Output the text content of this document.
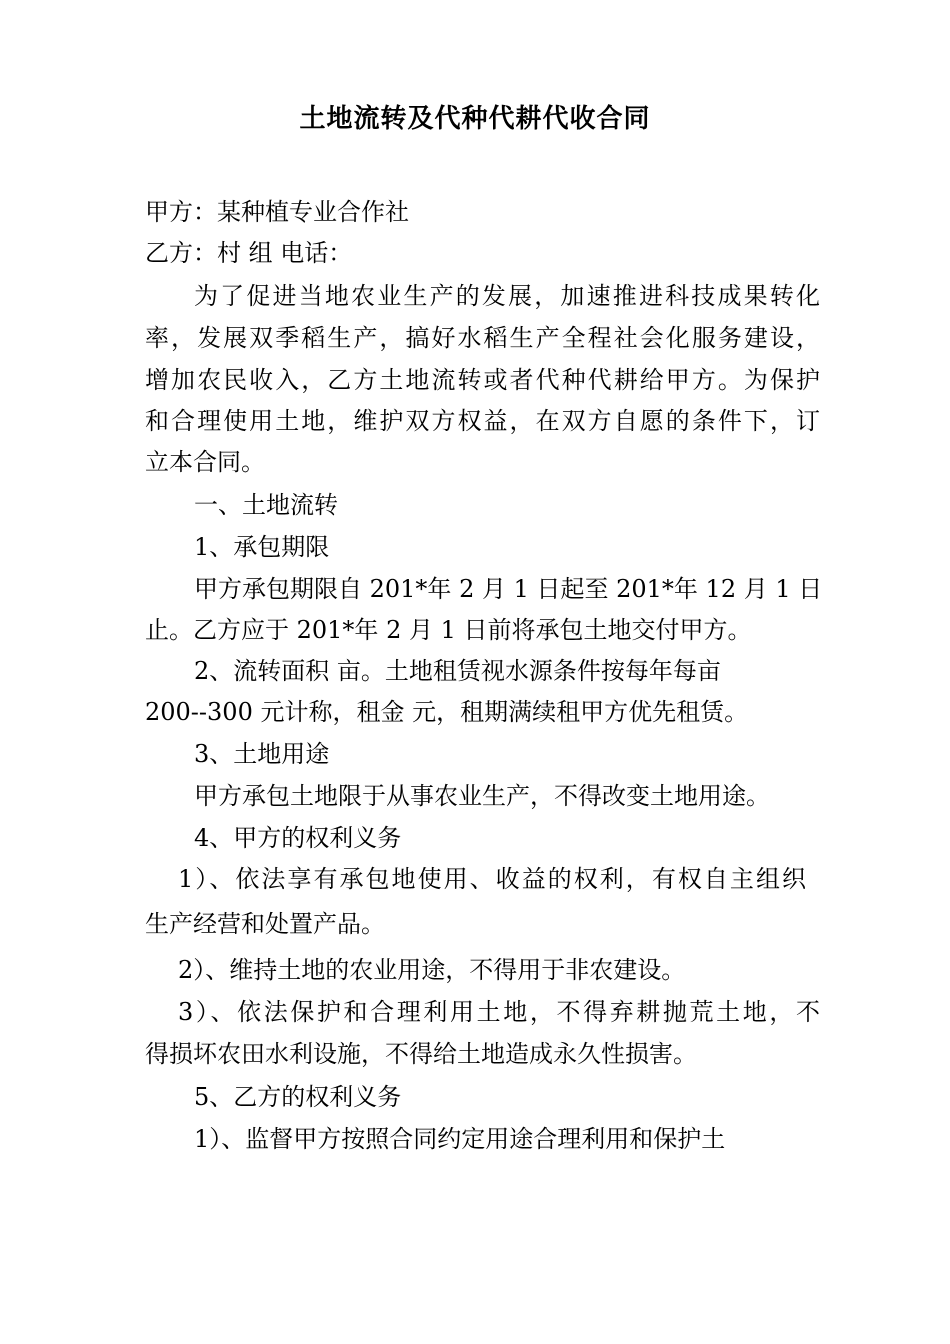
土地流转及代种代耕代收合同
甲方：某种植专业合作社
乙方：村 组 电话：
为了促进当地农业生产的发展，加速推进科技成果转化
率，发展双季稻生产，搞好水稻生产全程社会化服务建设，
增加农民收入，乙方土地流转或者代种代耕给甲方。为保护
和合理使用土地，维护双方权益，在双方自愿的条件下，订
立本合同。
一、土地流转
1、承包期限
甲方承包期限自 201*年 2 月 1 日起至 201*年 12 月 1 日
止。乙方应于 201*年 2 月 1 日前将承包土地交付甲方。
2、流转面积 亩。土地租赁视水源条件按每年每亩
200--300 元计称，租金 元，租期满续租甲方优先租赁。
3、土地用途
甲方承包土地限于从事农业生产，不得改变土地用途。
4、甲方的权利义务
1）、依法享有承包地使用、收益的权利，有权自主组织
生产经营和处置产品。
2）、维持土地的农业用途，不得用于非农建设。
3）、依法保护和合理利用土地，不得弃耕抛荒土地，不
得损坏农田水利设施，不得给土地造成永久性损害。
5、乙方的权利义务
1）、监督甲方按照合同约定用途合理利用和保护土
